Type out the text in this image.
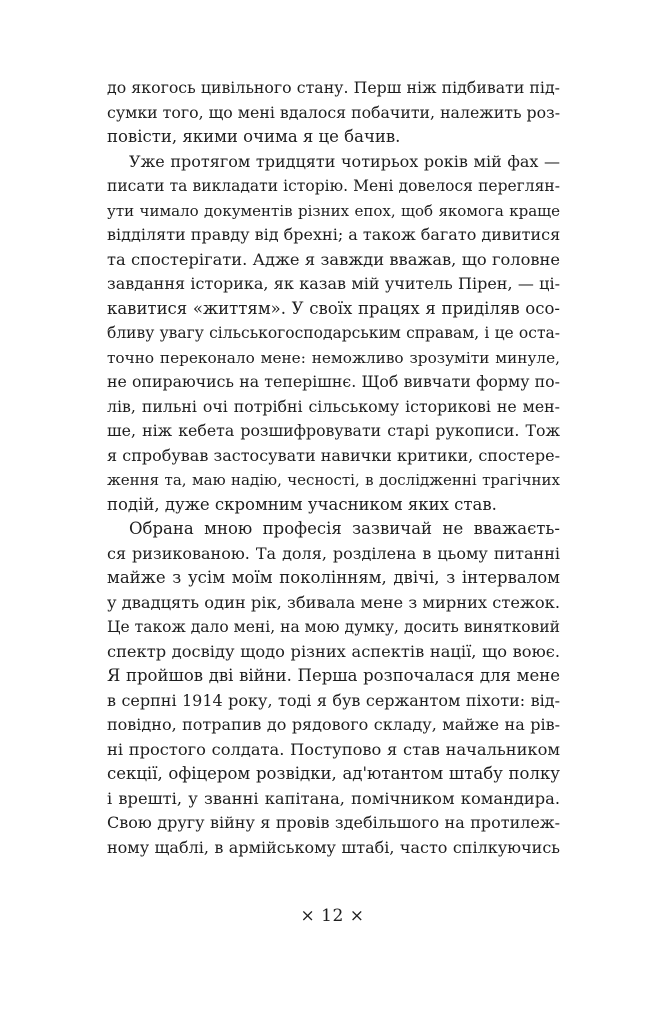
до якогось цивільного стану. Перш ніж підбивати під-
сумки того, що мені вдалося побачити, належить роз-
повісти, якими очима я це бачив.
Уже протягом тридцяти чотирьох років мій фах —
писати та викладати історію. Мені довелося переглян-
ути чимало документів різних епох, щоб якомога краще
відділяти правду від брехні; а також багато дивитися
та спостерігати. Адже я завжди вважав, що головне
завдання історика, як казав мій учитель Пірен, — ці-
кавитися «життям». У своїх працях я приділяв осо-
бливу увагу сільськогосподарським справам, і це оста-
точно переконало мене: неможливо зрозуміти минуле,
не опираючись на теперішнє. Щоб вивчати форму по-
лів, пильні очі потрібні сільському історикові не мен-
ше, ніж кебета розшифровувати старі рукописи. Тож
я спробував застосувати навички критики, спостере-
ження та, маю надію, чесності, в дослідженні трагічних
подій, дуже скромним учасником яких став.
Обрана мною професія зазвичай не вважаєть-
ся ризикованою. Та доля, розділена в цьому питанні
майже з усім моїм поколінням, двічі, з інтервалом
у двадцять один рік, збивала мене з мирних стежок.
Це також дало мені, на мою думку, досить винятковий
спектр досвіду щодо різних аспектів нації, що воює.
Я пройшов дві війни. Перша розпочалася для мене
в серпні 1914 року, тоді я був сержантом піхоти: від-
повідно, потрапив до рядового складу, майже на рів-
ні простого солдата. Поступово я став начальником
секції, офіцером розвідки, ад'ютантом штабу полку
і врешті, у званні капітана, помічником командира.
Свою другу війну я провів здебільшого на протилеж-
ному щаблі, в армійському штабі, часто спілкуючись
× 12 ×
